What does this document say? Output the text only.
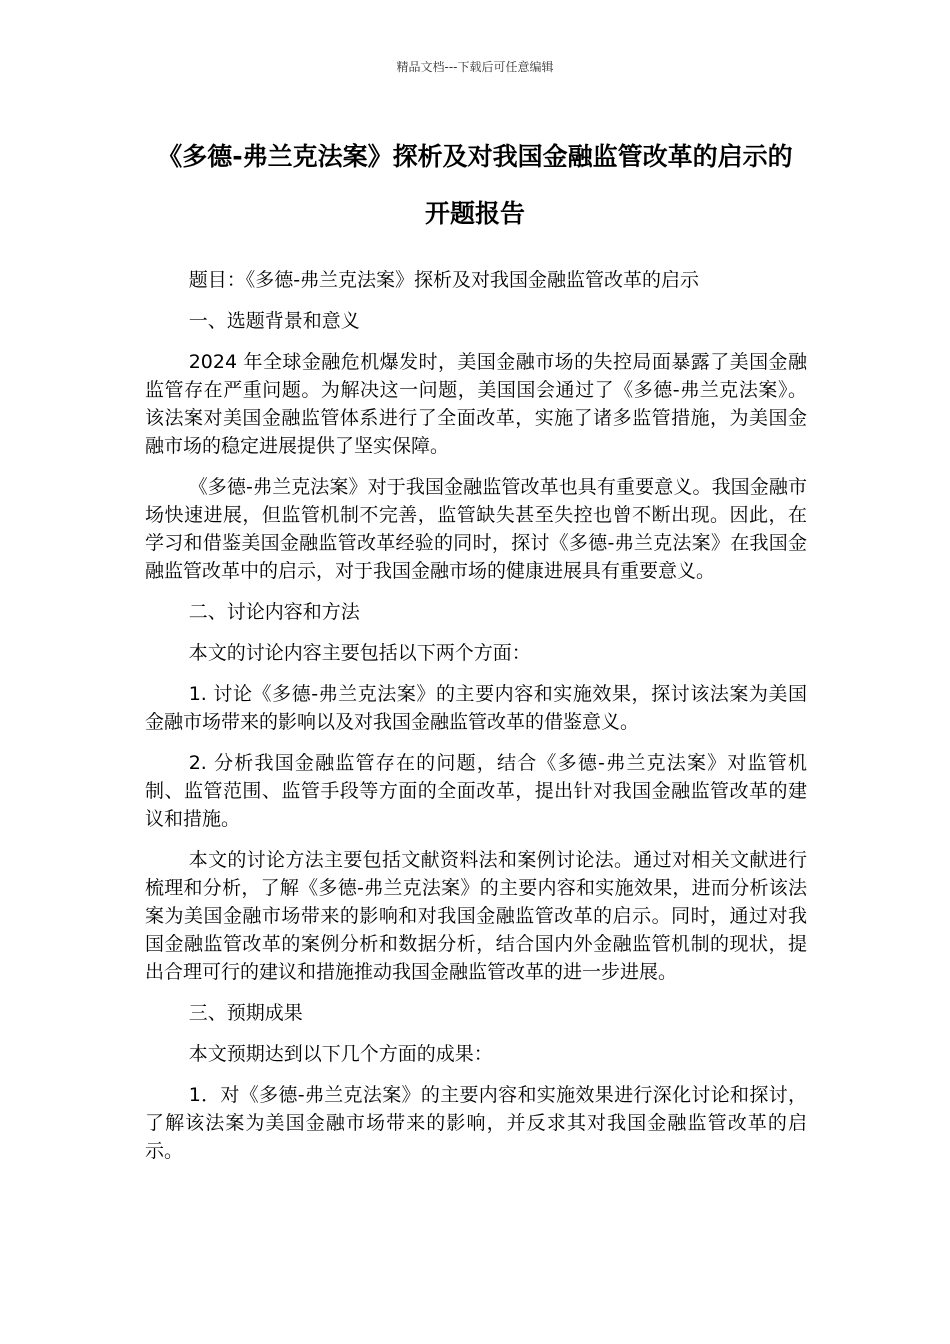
精品文档---下载后可任意编辑
《多德-弗兰克法案》探析及对我国金融监管改革的启示的开题报告

题目：《多德-弗兰克法案》探析及对我国金融监管改革的启示

一、选题背景和意义

2024 年全球金融危机爆发时，美国金融市场的失控局面暴露了美国金融监管存在严重问题。为解决这一问题，美国国会通过了《多德-弗兰克法案》。该法案对美国金融监管体系进行了全面改革，实施了诸多监管措施，为美国金融市场的稳定进展提供了坚实保障。

《多德-弗兰克法案》对于我国金融监管改革也具有重要意义。我国金融市场快速进展，但监管机制不完善，监管缺失甚至失控也曾不断出现。因此，在学习和借鉴美国金融监管改革经验的同时，探讨《多德-弗兰克法案》在我国金融监管改革中的启示，对于我国金融市场的健康进展具有重要意义。

二、讨论内容和方法

本文的讨论内容主要包括以下两个方面：

1. 讨论《多德-弗兰克法案》的主要内容和实施效果，探讨该法案为美国金融市场带来的影响以及对我国金融监管改革的借鉴意义。

2. 分析我国金融监管存在的问题，结合《多德-弗兰克法案》对监管机制、监管范围、监管手段等方面的全面改革，提出针对我国金融监管改革的建议和措施。

本文的讨论方法主要包括文献资料法和案例讨论法。通过对相关文献进行梳理和分析，了解《多德-弗兰克法案》的主要内容和实施效果，进而分析该法案为美国金融市场带来的影响和对我国金融监管改革的启示。同时，通过对我国金融监管改革的案例分析和数据分析，结合国内外金融监管机制的现状，提出合理可行的建议和措施推动我国金融监管改革的进一步进展。

三、预期成果

本文预期达到以下几个方面的成果：

1．对《多德-弗兰克法案》的主要内容和实施效果进行深化讨论和探讨，了解该法案为美国金融市场带来的影响，并反求其对我国金融监管改革的启示。
